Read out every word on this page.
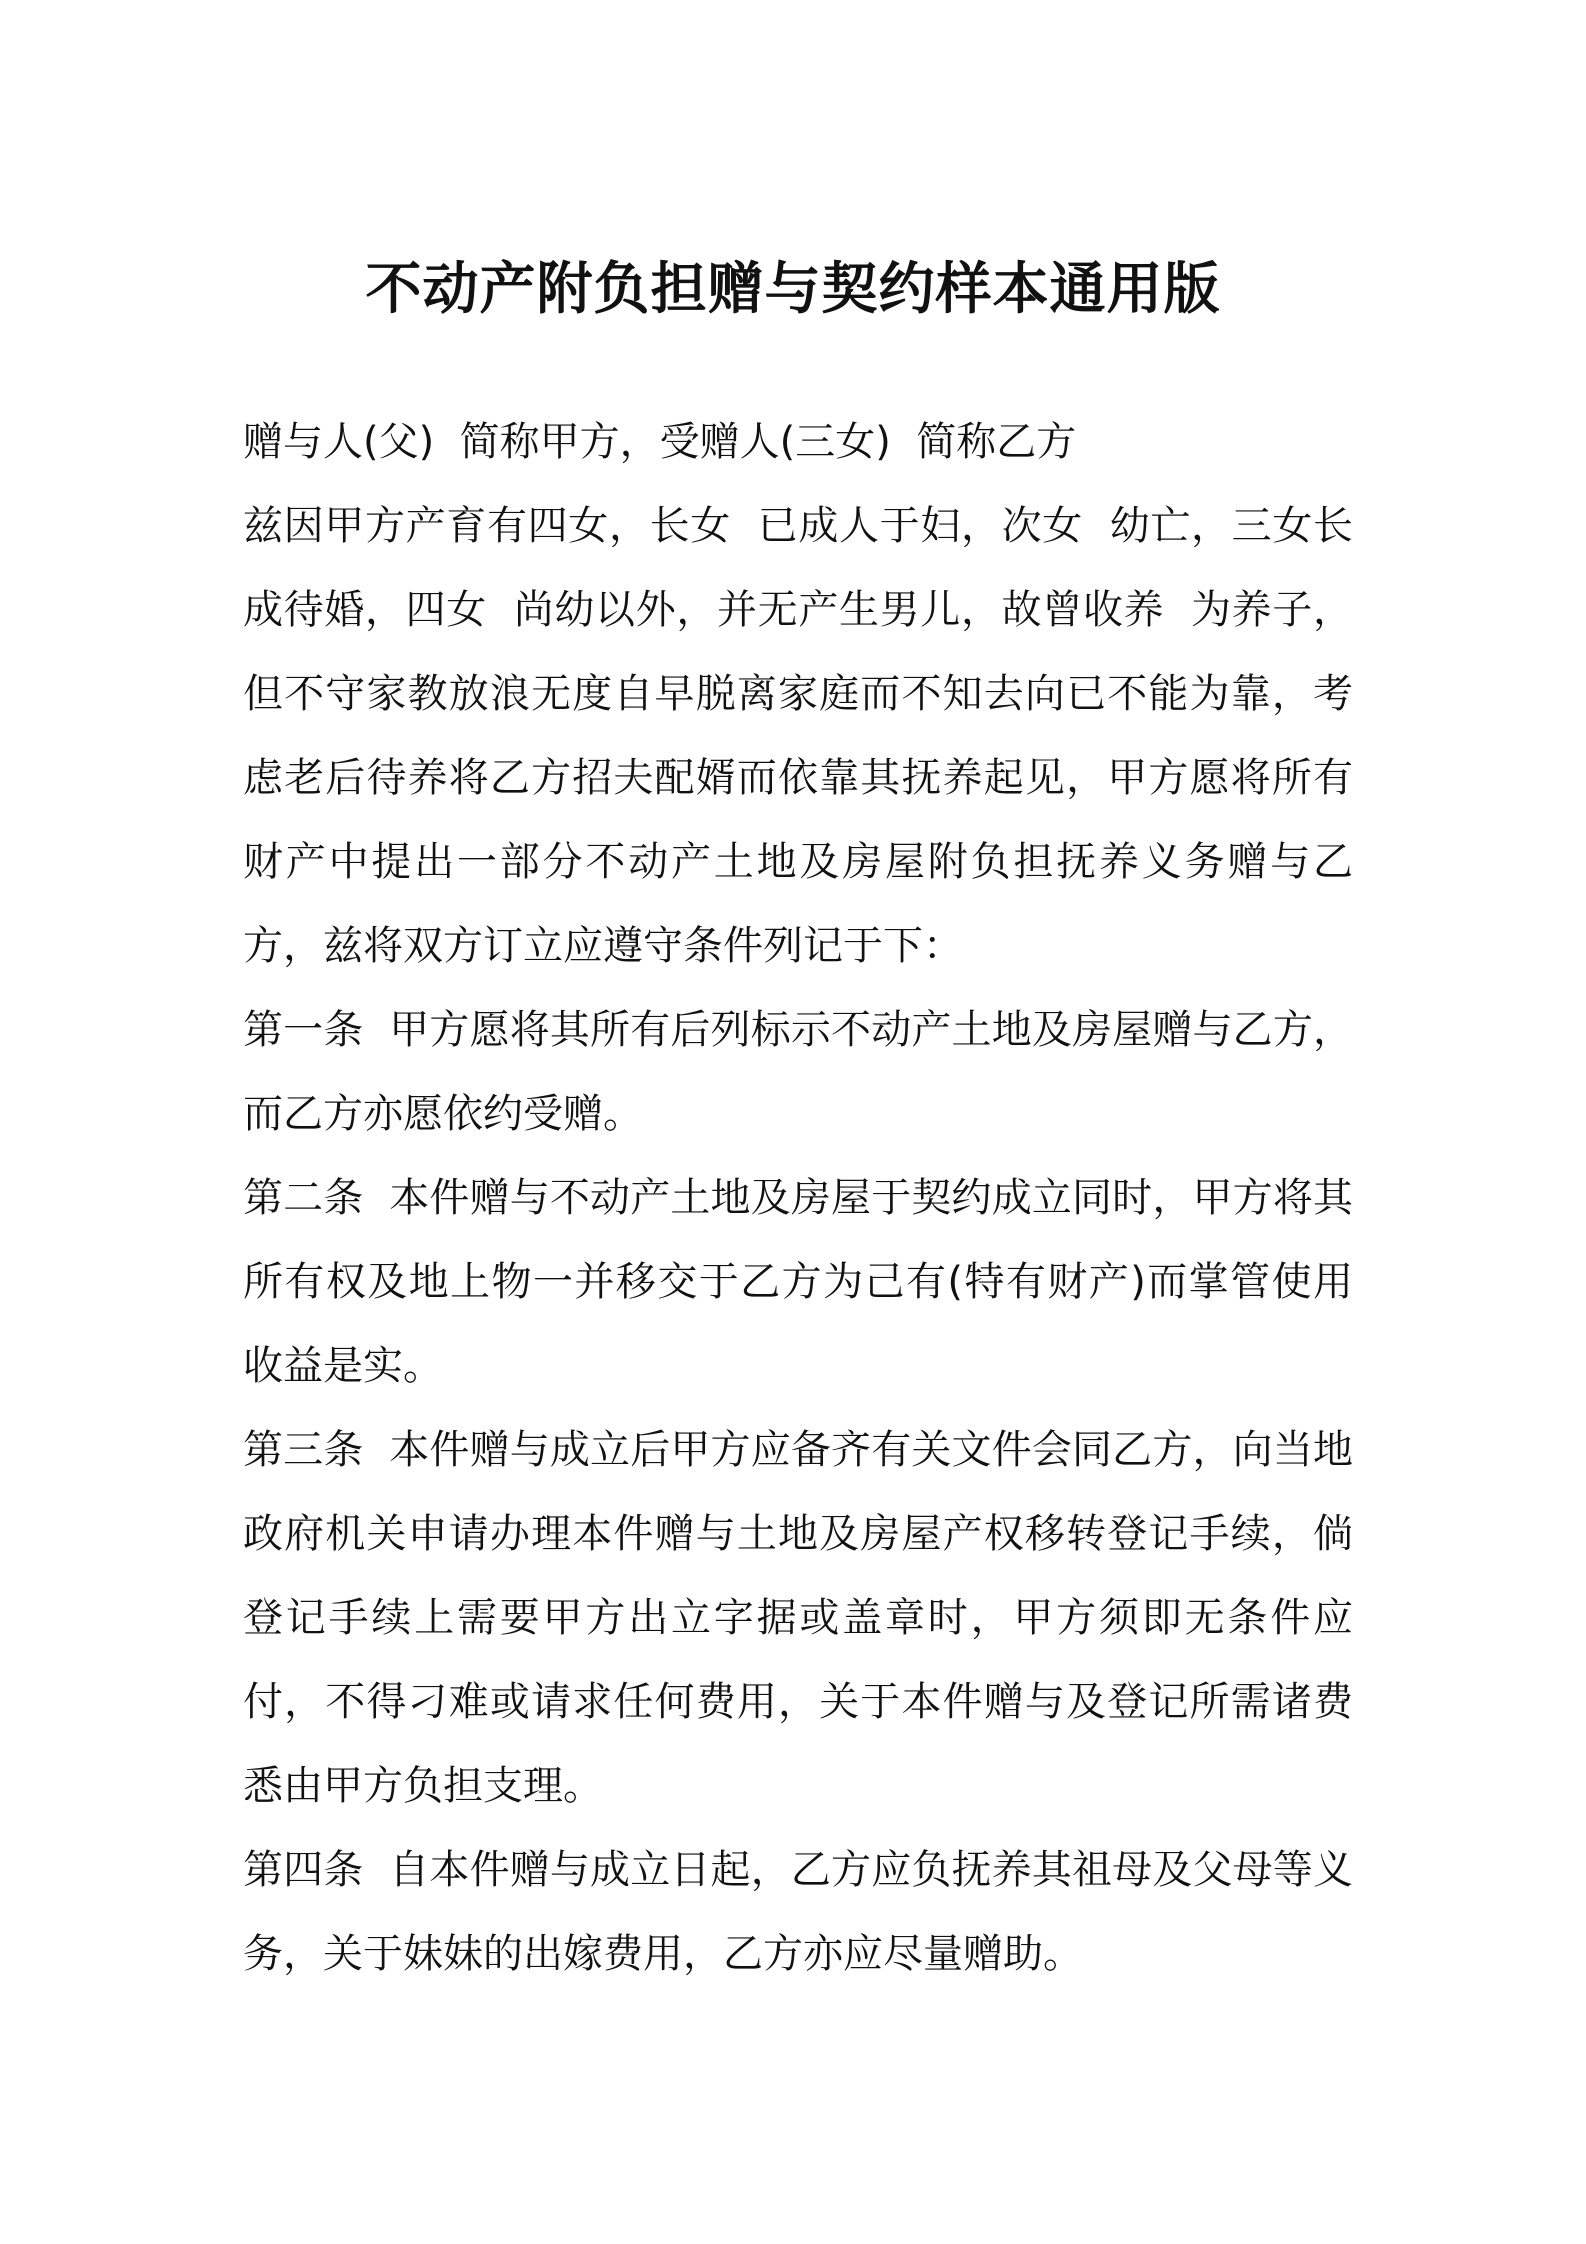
不动产附负担赠与契约样本通用版

赠与人(父)  简称甲方，受赠人(三女)  简称乙方

兹因甲方产育有四女，长女  已成人于妇，次女  幼亡，三女长成待婚，四女  尚幼以外，并无产生男儿，故曾收养  为养子，但不守家教放浪无度自早脱离家庭而不知去向已不能为靠，考虑老后待养将乙方招夫配婿而依靠其抚养起见，甲方愿将所有财产中提出一部分不动产土地及房屋附负担抚养义务赠与乙方，兹将双方订立应遵守条件列记于下：

第一条  甲方愿将其所有后列标示不动产土地及房屋赠与乙方，而乙方亦愿依约受赠。

第二条  本件赠与不动产土地及房屋于契约成立同时，甲方将其所有权及地上物一并移交于乙方为己有(特有财产)而掌管使用收益是实。

第三条  本件赠与成立后甲方应备齐有关文件会同乙方，向当地政府机关申请办理本件赠与土地及房屋产权移转登记手续，倘登记手续上需要甲方出立字据或盖章时，甲方须即无条件应付，不得刁难或请求任何费用，关于本件赠与及登记所需诸费悉由甲方负担支理。

第四条  自本件赠与成立日起，乙方应负抚养其祖母及父母等义务，关于妹妹的出嫁费用，乙方亦应尽量赠助。
